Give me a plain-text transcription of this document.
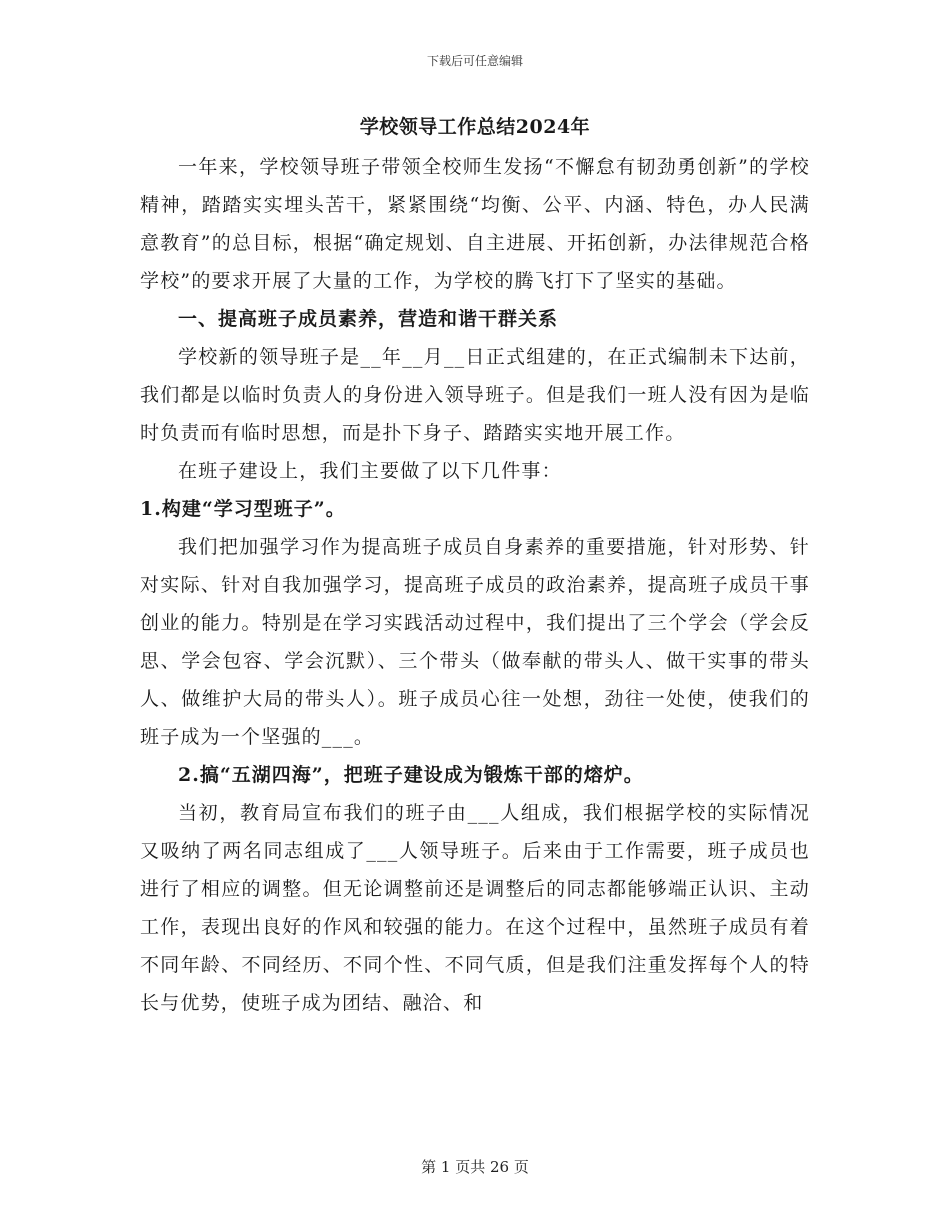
下载后可任意编辑
学校领导工作总结2024年

一年来，学校领导班子带领全校师生发扬“不懈怠有韧劲勇创新”的学校精神，踏踏实实埋头苦干，紧紧围绕“均衡、公平、内涵、特色，办人民满意教育”的总目标，根据“确定规划、自主进展、开拓创新，办法律规范合格学校”的要求开展了大量的工作，为学校的腾飞打下了坚实的基础。

一、提高班子成员素养，营造和谐干群关系

学校新的领导班子是__年__月__日正式组建的，在正式编制未下达前，我们都是以临时负责人的身份进入领导班子。但是我们一班人没有因为是临时负责而有临时思想，而是扑下身子、踏踏实实地开展工作。

在班子建设上，我们主要做了以下几件事：

1.构建“学习型班子”。

我们把加强学习作为提高班子成员自身素养的重要措施，针对形势、针对实际、针对自我加强学习，提高班子成员的政治素养，提高班子成员干事创业的能力。特别是在学习实践活动过程中，我们提出了三个学会（学会反思、学会包容、学会沉默）、三个带头（做奉献的带头人、做干实事的带头人、做维护大局的带头人）。班子成员心往一处想，劲往一处使，使我们的班子成为一个坚强的___。

2.搞“五湖四海”，把班子建设成为锻炼干部的熔炉。

当初，教育局宣布我们的班子由___人组成，我们根据学校的实际情况又吸纳了两名同志组成了___人领导班子。后来由于工作需要，班子成员也进行了相应的调整。但无论调整前还是调整后的同志都能够端正认识、主动工作，表现出良好的作风和较强的能力。在这个过程中，虽然班子成员有着不同年龄、不同经历、不同个性、不同气质，但是我们注重发挥每个人的特长与优势，使班子成为团结、融洽、和

第 1 页共 26 页
